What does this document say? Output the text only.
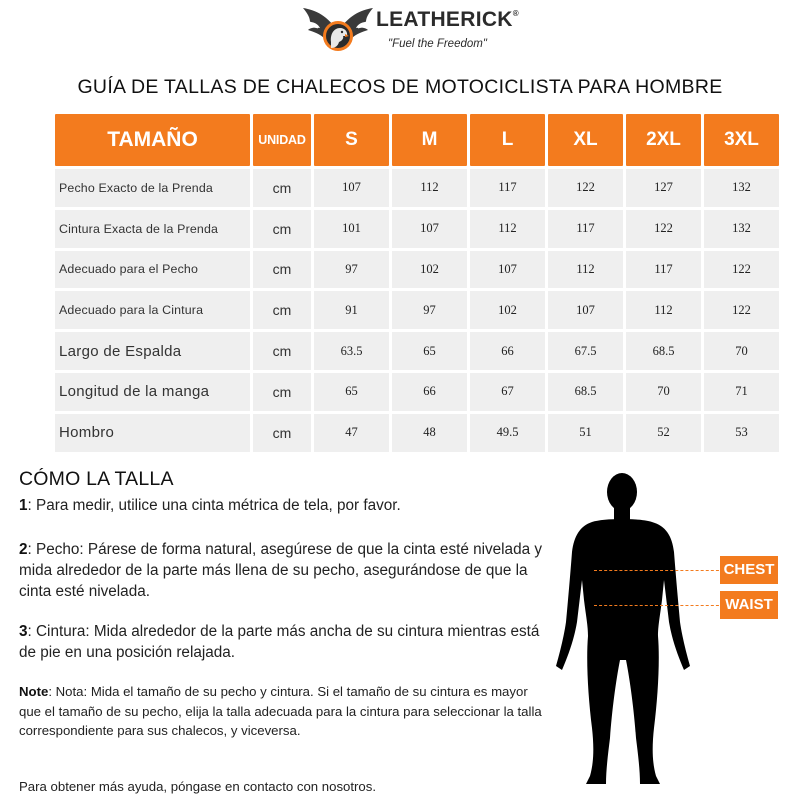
LEATHERICK®
"Fuel the Freedom"
GUÍA DE TALLAS DE CHALECOS DE MOTOCICLISTA PARA HOMBRE
TAMAÑO	UNIDAD	S	M	L	XL	2XL	3XL
Pecho Exacto de la Prenda	cm	107	112	117	122	127	132
Cintura Exacta de la Prenda	cm	101	107	112	117	122	132
Adecuado para el Pecho	cm	97	102	107	112	117	122
Adecuado para la Cintura	cm	91	97	102	107	112	122
Largo de Espalda	cm	63.5	65	66	67.5	68.5	70
Longitud de la manga	cm	65	66	67	68.5	70	71
Hombro	cm	47	48	49.5	51	52	53
CÓMO LA TALLA
1: Para medir, utilice una cinta métrica de tela, por favor.
2: Pecho: Párese de forma natural, asegúrese de que la cinta esté nivelada y mida alrededor de la parte más llena de su pecho, asegurándose de que la cinta esté nivelada.
3: Cintura: Mida alrededor de la parte más ancha de su cintura mientras está de pie en una posición relajada.
Note: Nota: Mida el tamaño de su pecho y cintura. Si el tamaño de su cintura es mayor que el tamaño de su pecho, elija la talla adecuada para la cintura para seleccionar la talla correspondiente para sus chalecos, y viceversa.
Para obtener más ayuda, póngase en contacto con nosotros.
CHEST
WAIST
